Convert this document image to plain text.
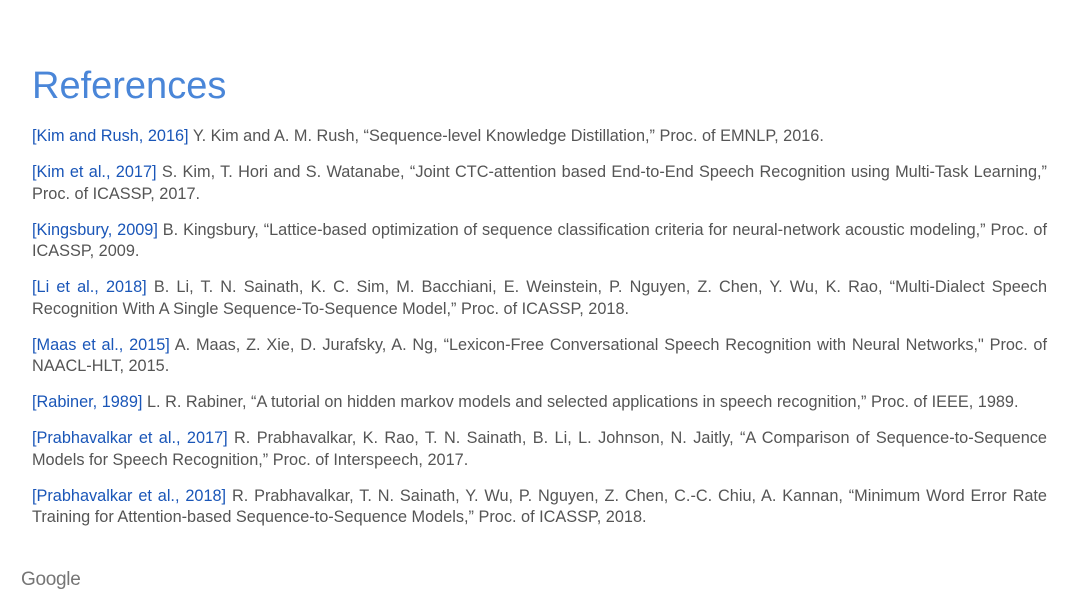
References
[Kim and Rush, 2016] Y. Kim and A. M. Rush, “Sequence-level Knowledge Distillation,” Proc. of EMNLP, 2016.
[Kim et al., 2017] S. Kim, T. Hori and S. Watanabe, “Joint CTC-attention based End-to-End Speech Recognition using Multi-Task Learning,” Proc. of ICASSP, 2017.
[Kingsbury, 2009] B. Kingsbury, “Lattice-based optimization of sequence classification criteria for neural-network acoustic modeling,” Proc. of ICASSP, 2009.
[Li et al., 2018] B. Li, T. N. Sainath, K. C. Sim, M. Bacchiani, E. Weinstein, P. Nguyen, Z. Chen, Y. Wu, K. Rao, “Multi-Dialect Speech Recognition With A Single Sequence-To-Sequence Model,” Proc. of ICASSP, 2018.
[Maas et al., 2015] A. Maas, Z. Xie, D. Jurafsky, A. Ng, “Lexicon-Free Conversational Speech Recognition with Neural Networks," Proc. of NAACL-HLT, 2015.
[Rabiner, 1989] L. R. Rabiner, “A tutorial on hidden markov models and selected applications in speech recognition,” Proc. of IEEE, 1989.
[Prabhavalkar et al., 2017] R. Prabhavalkar, K. Rao, T. N. Sainath, B. Li, L. Johnson, N. Jaitly, “A Comparison of Sequence-to-Sequence Models for Speech Recognition,” Proc. of Interspeech, 2017.
[Prabhavalkar et al., 2018] R. Prabhavalkar, T. N. Sainath, Y. Wu, P. Nguyen, Z. Chen, C.-C. Chiu, A. Kannan, “Minimum Word Error Rate Training for Attention-based Sequence-to-Sequence Models,” Proc. of ICASSP, 2018.
Google
